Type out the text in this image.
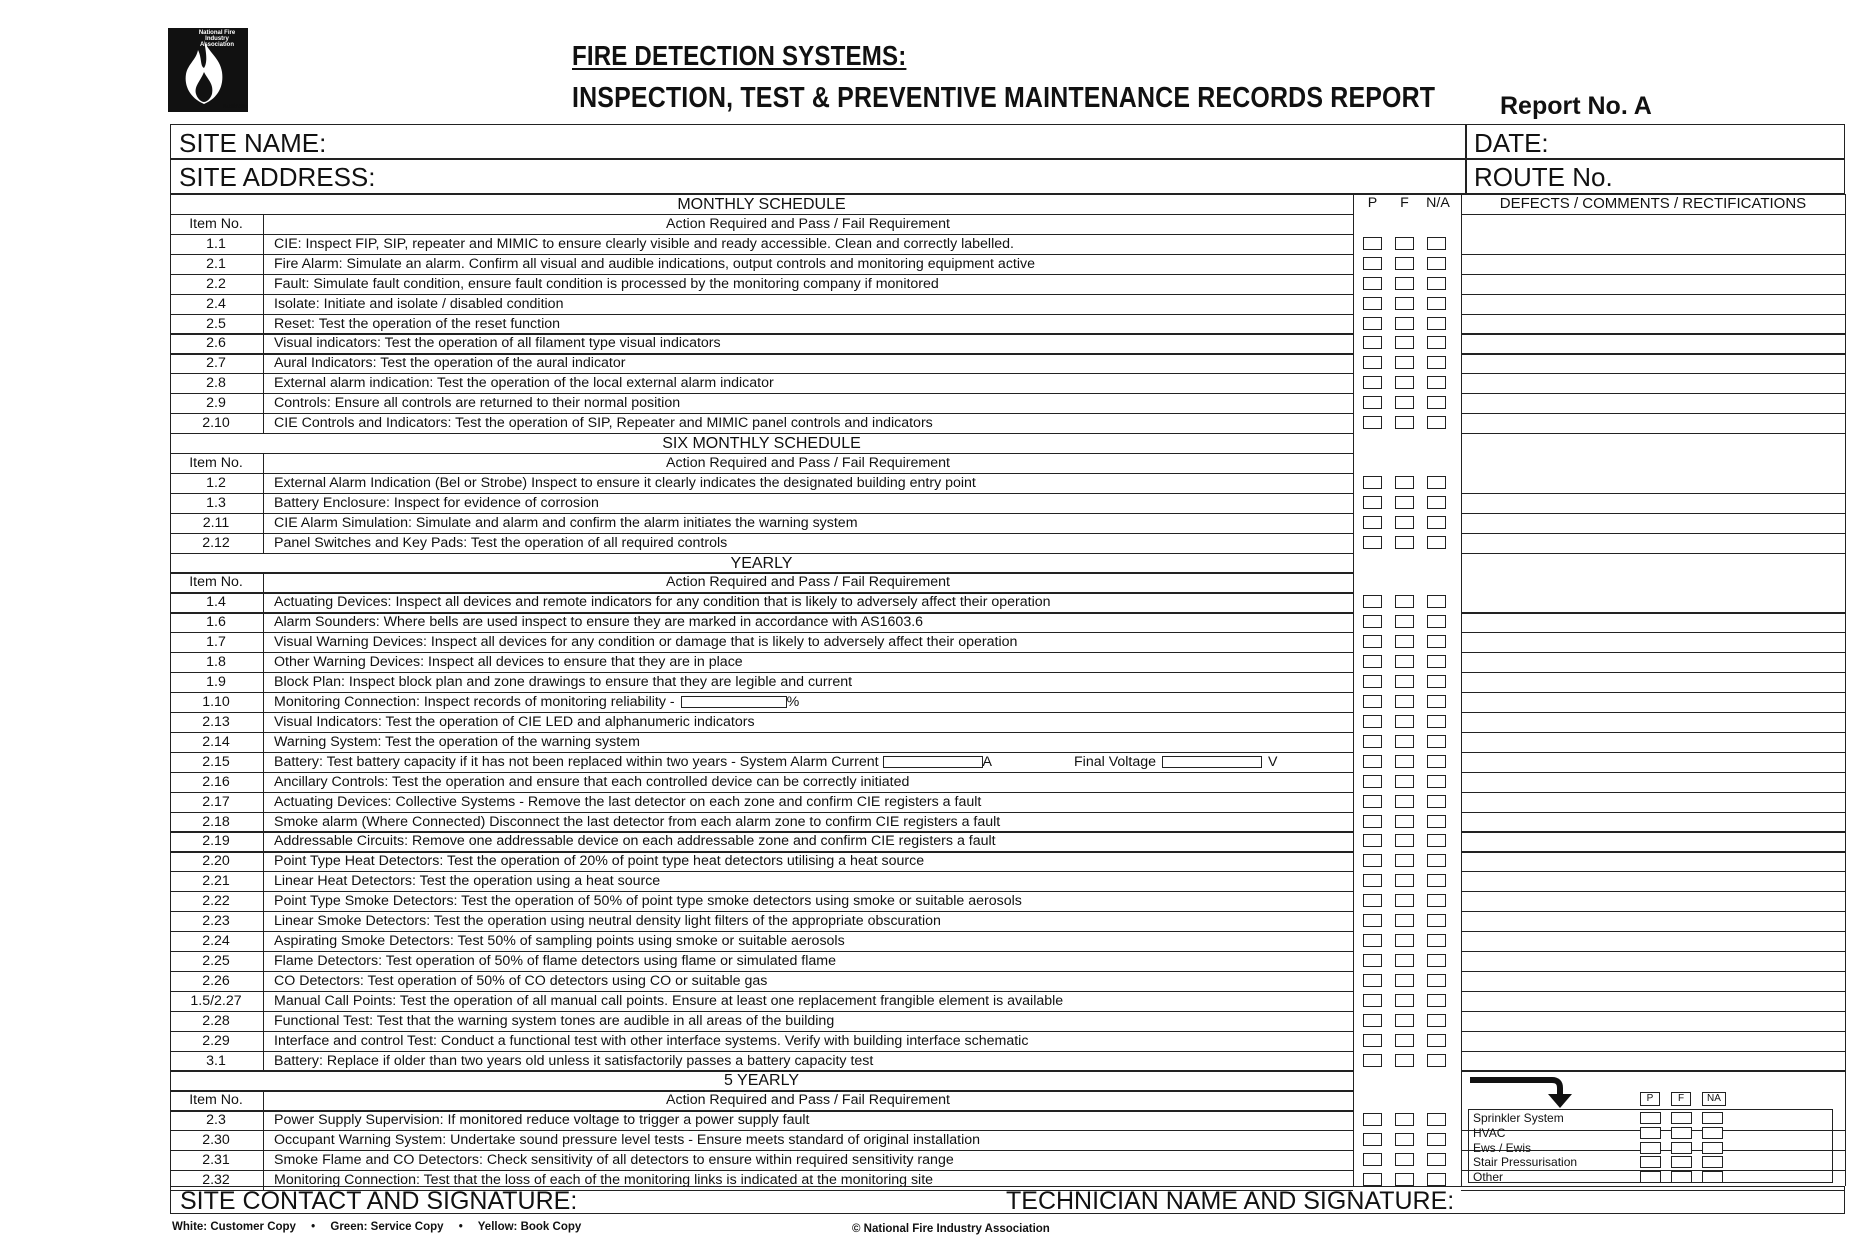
National Fire Industry Association
Australia
FIRE DETECTION SYSTEMS:
INSPECTION, TEST & PREVENTIVE MAINTENANCE RECORDS REPORT	Report No. A
SITE NAME:	DATE:
SITE ADDRESS:	ROUTE No.
P	F	N/A	DEFECTS / COMMENTS / RECTIFICATIONS
MONTHLY SCHEDULE
Item No.	Action Required and Pass / Fail Requirement
1.1	CIE: Inspect FIP, SIP, repeater and MIMIC to ensure clearly visible and ready accessible. Clean and correctly labelled.
2.1	Fire Alarm: Simulate an alarm. Confirm all visual and audible indications, output controls and monitoring equipment active
2.2	Fault: Simulate fault condition, ensure fault condition is processed by the monitoring company if monitored
2.4	Isolate: Initiate and isolate / disabled condition
2.5	Reset: Test the operation of the reset function
2.6	Visual indicators: Test the operation of all filament type visual indicators
2.7	Aural Indicators: Test the operation of the aural indicator
2.8	External alarm indication: Test the operation of the local external alarm indicator
2.9	Controls: Ensure all controls are returned to their normal position
2.10	CIE Controls and Indicators: Test the operation of SIP, Repeater and MIMIC panel controls and indicators
SIX MONTHLY SCHEDULE
Item No.	Action Required and Pass / Fail Requirement
1.2	External Alarm Indication (Bel or Strobe) Inspect to ensure it clearly indicates the designated building entry point
1.3	Battery Enclosure: Inspect for evidence of corrosion
2.11	CIE Alarm Simulation: Simulate and alarm and confirm the alarm initiates the warning system
2.12	Panel Switches and Key Pads: Test the operation of all required controls
YEARLY
Item No.	Action Required and Pass / Fail Requirement
1.4	Actuating Devices: Inspect all devices and remote indicators for any condition that is likely to adversely affect their operation
1.6	Alarm Sounders: Where bells are used inspect to ensure they are marked in accordance with AS1603.6
1.7	Visual Warning Devices: Inspect all devices for any condition or damage that is likely to adversely affect their operation
1.8	Other Warning Devices: Inspect all devices to ensure that they are in place
1.9	Block Plan: Inspect block plan and zone drawings to ensure that they are legible and current
1.10	Monitoring Connection: Inspect records of monitoring reliability -	%
2.13	Visual Indicators: Test the operation of CIE LED and alphanumeric indicators
2.14	Warning System: Test the operation of the warning system
2.15	Battery: Test battery capacity if it has not been replaced within two years - System Alarm Current	A	Final Voltage	V
2.16	Ancillary Controls: Test the operation and ensure that each controlled device can be correctly initiated
2.17	Actuating Devices: Collective Systems - Remove the last detector on each zone and confirm CIE registers a fault
2.18	Smoke alarm (Where Connected) Disconnect the last detector from each alarm zone to confirm CIE registers a fault
2.19	Addressable Circuits: Remove one addressable device on each addressable zone and confirm CIE registers a fault
2.20	Point Type Heat Detectors: Test the operation of 20% of point type heat detectors utilising a heat source
2.21	Linear Heat Detectors: Test the operation using a heat source
2.22	Point Type Smoke Detectors: Test the operation of 50% of point type smoke detectors using smoke or suitable aerosols
2.23	Linear Smoke Detectors: Test the operation using neutral density light filters of the appropriate obscuration
2.24	Aspirating Smoke Detectors: Test 50% of sampling points using smoke or suitable aerosols
2.25	Flame Detectors: Test operation of 50% of flame detectors using flame or simulated flame
2.26	CO Detectors: Test operation of 50% of CO detectors using CO or suitable gas
1.5/2.27	Manual Call Points: Test the operation of all manual call points. Ensure at least one replacement frangible element is available
2.28	Functional Test: Test that the warning system tones are audible in all areas of the building
2.29	Interface and control Test: Conduct a functional test with other interface systems. Verify with building interface schematic
3.1	Battery: Replace if older than two years old unless it satisfactorily passes a battery capacity test
5 YEARLY
Item No.	Action Required and Pass / Fail Requirement
2.3	Power Supply Supervision: If monitored reduce voltage to trigger a power supply fault
2.30	Occupant Warning System: Undertake sound pressure level tests - Ensure meets standard of original installation
2.31	Smoke Flame and CO Detectors: Check sensitivity of all detectors to ensure within required sensitivity range
2.32	Monitoring Connection: Test that the loss of each of the monitoring links is indicated at the monitoring site
P	F	NA
Sprinkler System
HVAC
Ews / Ewis
Stair Pressurisation
Other
SITE CONTACT AND SIGNATURE:	TECHNICIAN NAME AND SIGNATURE:
White: Customer Copy • Green: Service Copy • Yellow: Book Copy	© National Fire Industry Association
